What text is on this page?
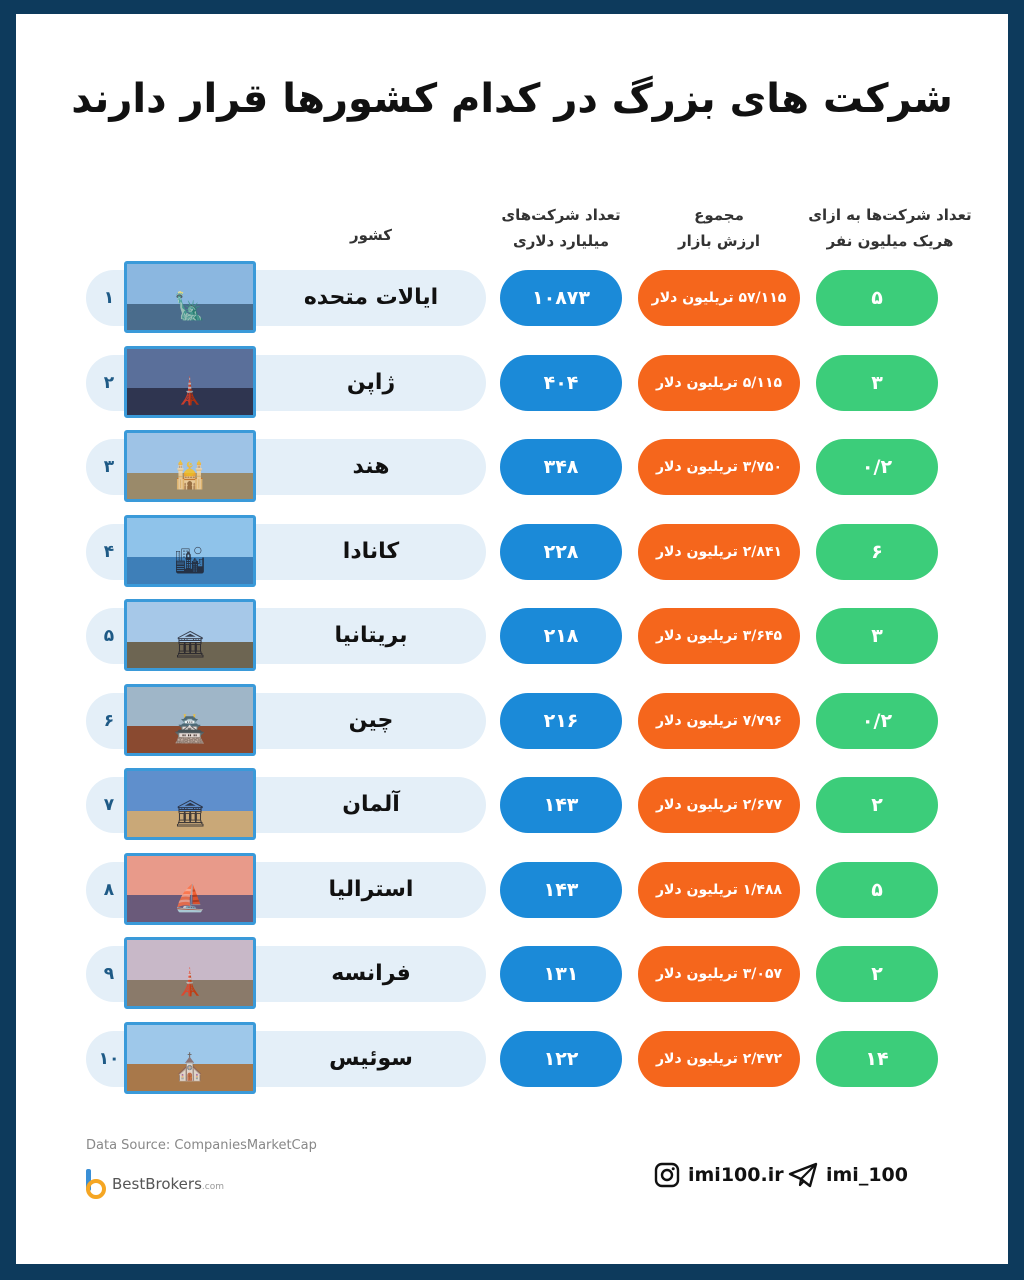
شرکت های بزرگ در کدام کشورها قرار دارند
کشور
تعداد شرکت‌های
میلیارد دلاری
مجموع
ارزش بازار
تعداد شرکت‌ها به ازای
هریک میلیون نفر
۱	🗽	ایالات متحده	۱۰۸۷۳	۵۷/۱۱۵ تریلیون دلار	۵
۲	🗼	ژاپن	۴۰۴	۵/۱۱۵ تریلیون دلار	۳
۳	🕌	هند	۳۴۸	۳/۷۵۰ تریلیون دلار	۰/۲
۴	🏙	کانادا	۲۲۸	۲/۸۴۱ تریلیون دلار	۶
۵	🏛	بریتانیا	۲۱۸	۳/۶۴۵ تریلیون دلار	۳
۶	🏯	چین	۲۱۶	۷/۷۹۶ تریلیون دلار	۰/۲
۷	🏛	آلمان	۱۴۳	۲/۶۷۷ تریلیون دلار	۲
۸	⛵	استرالیا	۱۴۳	۱/۴۸۸ تریلیون دلار	۵
۹	🗼	فرانسه	۱۳۱	۳/۰۵۷ تریلیون دلار	۲
۱۰	⛪	سوئیس	۱۲۲	۲/۴۷۲ تریلیون دلار	۱۴
Data Source: CompaniesMarketCap
BestBrokers.com
imi100.ir imi_100
